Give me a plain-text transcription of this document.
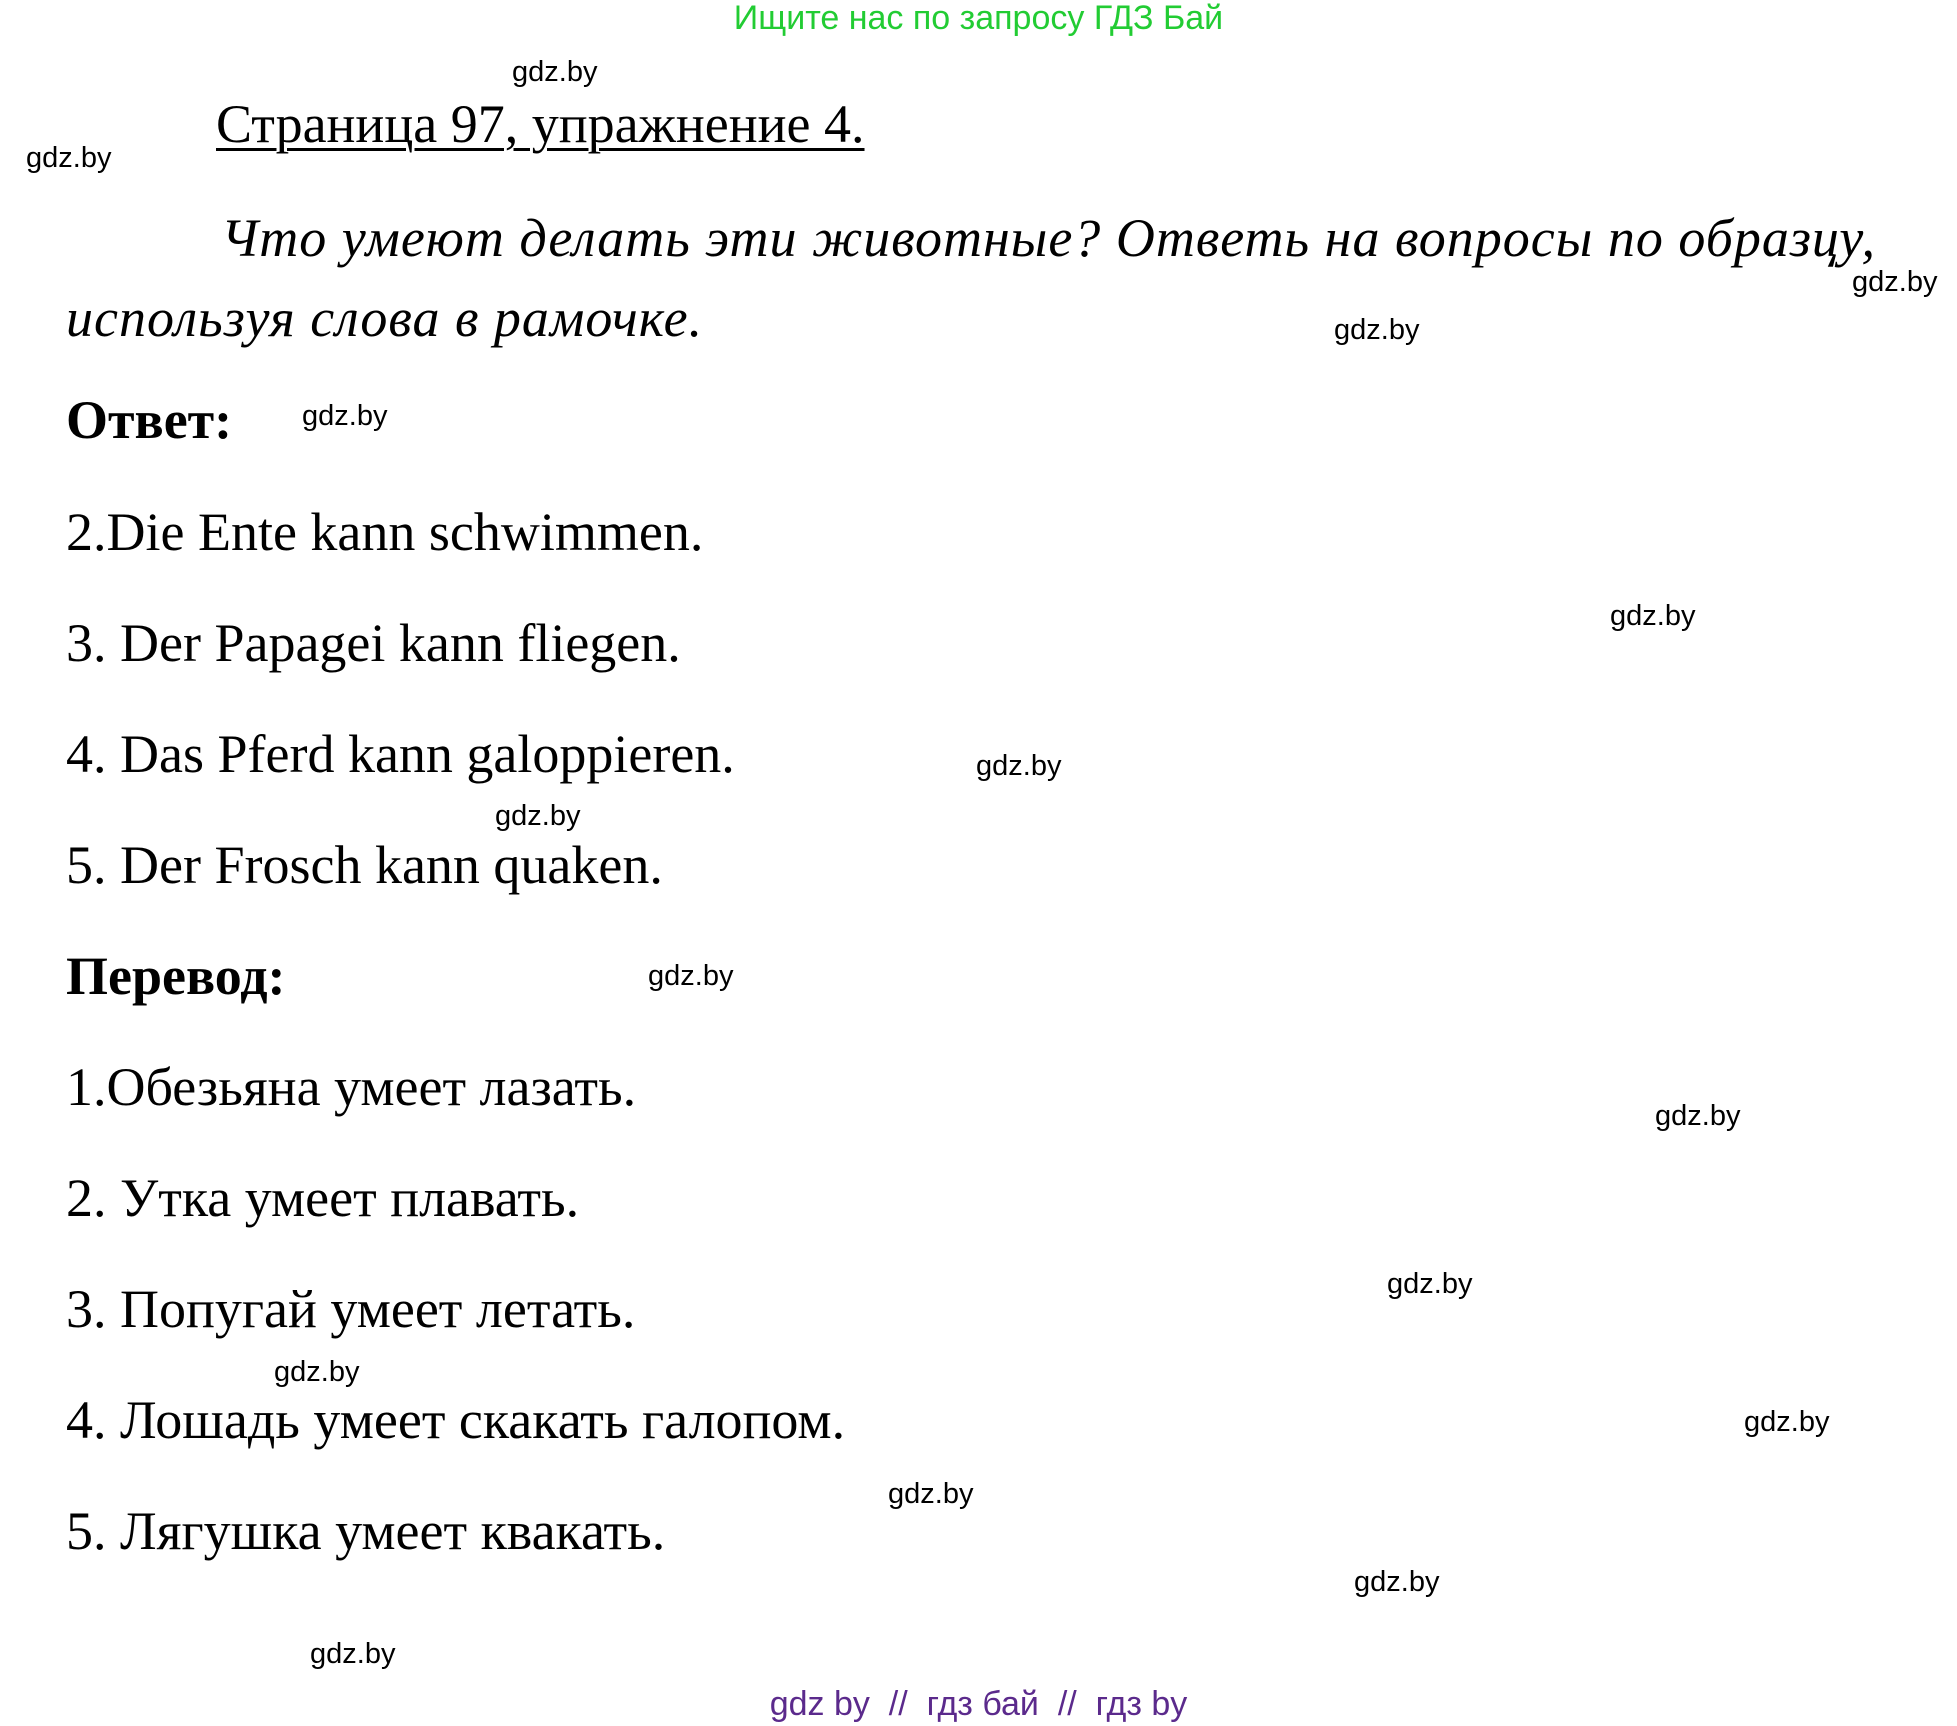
Ищите нас по запросу ГДЗ Бай
Страница 97, упражнение 4.
Что умеют делать эти животные? Ответь на вопросы по образцу, используя слова в рамочке.
Ответ:
2.Die Ente kann schwimmen.
3. Der Papagei kann fliegen.
4. Das Pferd kann galoppieren.
5. Der Frosch kann quaken.
Перевод:
1.Обезьяна умеет лазать.
2. Утка умеет плавать.
3. Попугай умеет летать.
4. Лошадь умеет скакать галопом.
5. Лягушка умеет квакать.
gdz.by
gdz.by
gdz.by
gdz.by
gdz.by
gdz.by
gdz.by
gdz.by
gdz.by
gdz.by
gdz.by
gdz.by
gdz.by
gdz.by
gdz.by
gdz.by
gdz by  //  гдз бай  //  гдз by
